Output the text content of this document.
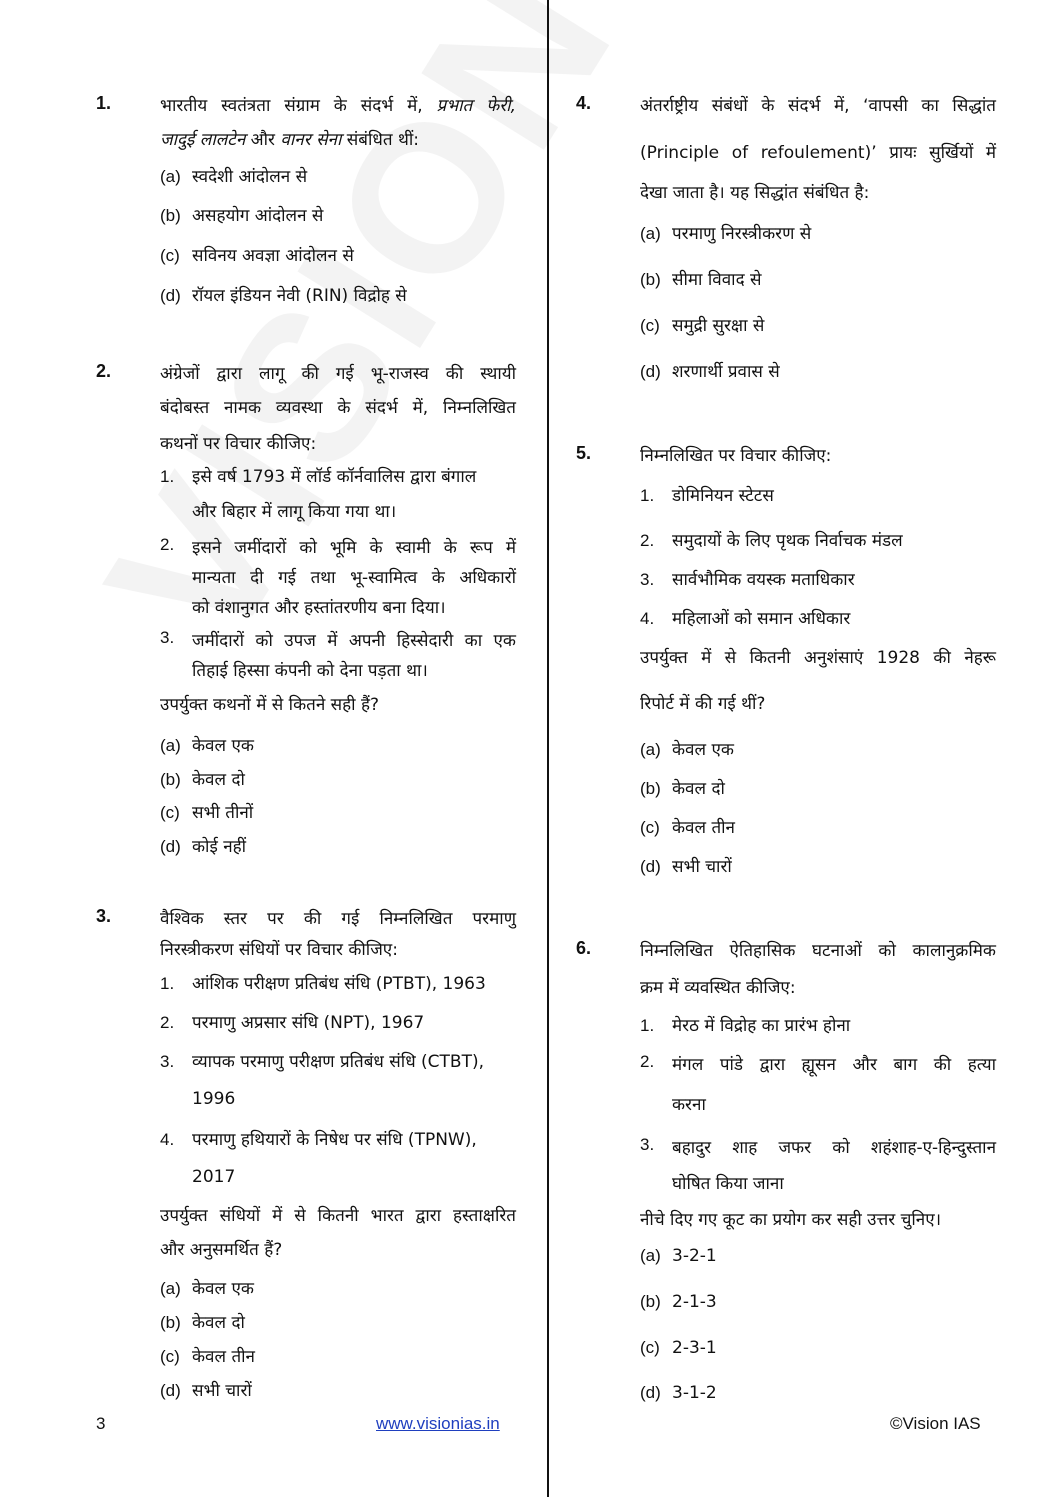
1.	भारतीय स्वतंत्रता संग्राम के संदर्भ में, प्रभात फेरी,
जादुई लालटेन और वानर सेना संबंधित थीं:
(a) स्वदेशी आंदोलन से
(b) असहयोग आंदोलन से
(c) सविनय अवज्ञा आंदोलन से
(d) रॉयल इंडियन नेवी (RIN) विद्रोह से
2.	अंग्रेजों द्वारा लागू की गई भू-राजस्व की स्थायी
बंदोबस्त नामक व्यवस्था के संदर्भ में, निम्नलिखित
कथनों पर विचार कीजिए:
1. इसे वर्ष 1793 में लॉर्ड कॉर्नवालिस द्वारा बंगाल
और बिहार में लागू किया गया था।
2.	इसने जमींदारों को भूमि के स्वामी के रूप में
मान्यता दी गई तथा भू-स्वामित्व के अधिकारों
को वंशानुगत और हस्तांतरणीय बना दिया।
3.	जमींदारों को उपज में अपनी हिस्सेदारी का एक
तिहाई हिस्सा कंपनी को देना पड़ता था।
उपर्युक्त कथनों में से कितने सही हैं?
(a) केवल एक
(b) केवल दो
(c) सभी तीनों
(d) कोई नहीं
3.	वैश्विक स्तर पर की गई निम्नलिखित परमाणु
निरस्त्रीकरण संधियों पर विचार कीजिए:
1. आंशिक परीक्षण प्रतिबंध संधि (PTBT), 1963
2. परमाणु अप्रसार संधि (NPT), 1967
3. व्यापक परमाणु परीक्षण प्रतिबंध संधि (CTBT),
1996
4. परमाणु हथियारों के निषेध पर संधि (TPNW),
2017
उपर्युक्त संधियों में से कितनी भारत द्वारा हस्ताक्षरित
और अनुसमर्थित हैं?
(a) केवल एक
(b) केवल दो
(c) केवल तीन
(d) सभी चारों
4.	अंतर्राष्ट्रीय संबंधों के संदर्भ में, ‘वापसी का सिद्धांत
(Principle of refoulement)’ प्रायः सुर्खियों में
देखा जाता है। यह सिद्धांत संबंधित है:
(a) परमाणु निरस्त्रीकरण से
(b) सीमा विवाद से
(c) समुद्री सुरक्षा से
(d) शरणार्थी प्रवास से
5.	निम्नलिखित पर विचार कीजिए:
1. डोमिनियन स्टेटस
2. समुदायों के लिए पृथक निर्वाचक मंडल
3. सार्वभौमिक वयस्क मताधिकार
4. महिलाओं को समान अधिकार
उपर्युक्त में से कितनी अनुशंसाएं 1928 की नेहरू
रिपोर्ट में की गई थीं?
(a) केवल एक
(b) केवल दो
(c) केवल तीन
(d) सभी चारों
6.	निम्नलिखित ऐतिहासिक घटनाओं को कालानुक्रमिक
क्रम में व्यवस्थित कीजिए:
1. मेरठ में विद्रोह का प्रारंभ होना
2.	मंगल पांडे द्वारा ह्यूसन और बाग की हत्या
करना
3.	बहादुर शाह जफर को शहंशाह-ए-हिन्दुस्तान
घोषित किया जाना
नीचे दिए गए कूट का प्रयोग कर सही उत्तर चुनिए।
(a) 3-2-1
(b) 2-1-3
(c) 2-3-1
(d) 3-1-2
3	www.visionias.in	©Vision IAS
